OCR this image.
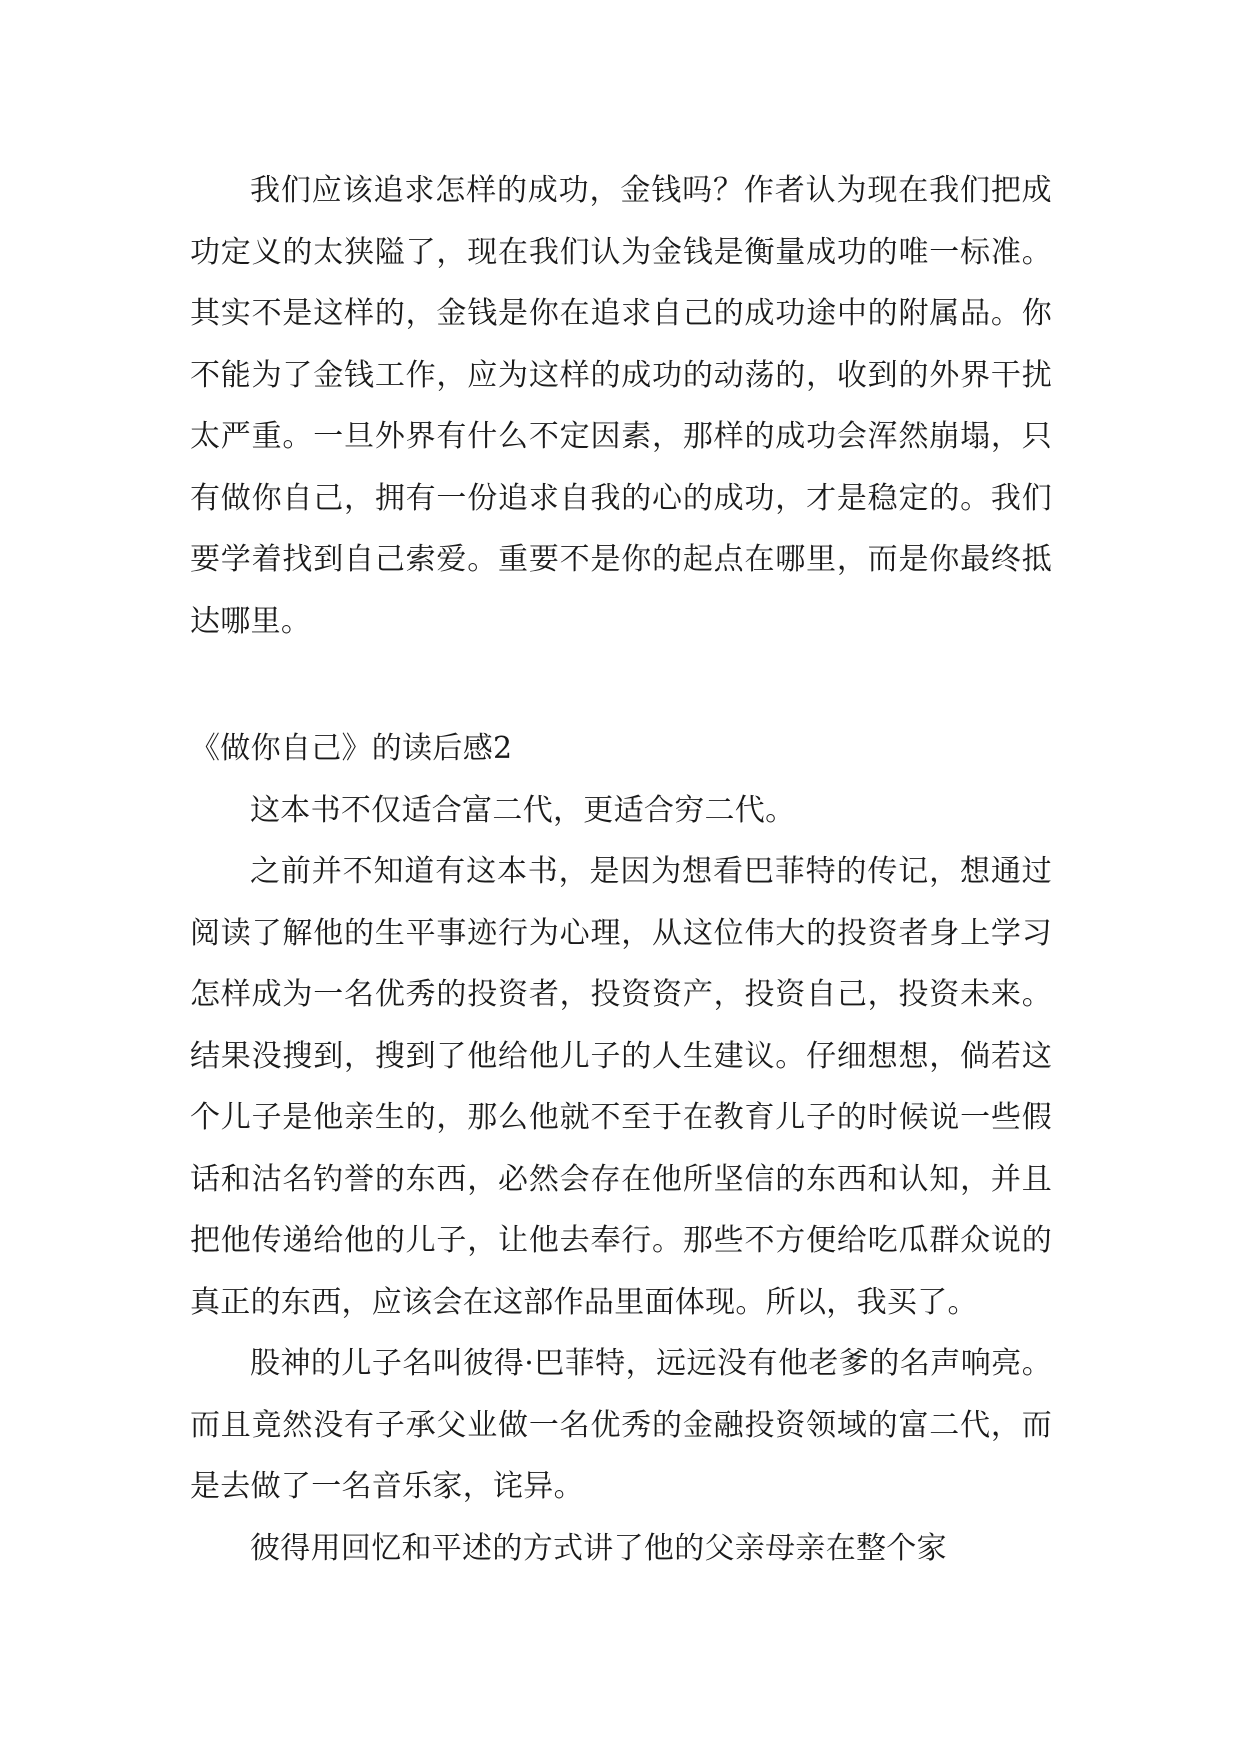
我们应该追求怎样的成功，金钱吗？作者认为现在我们把成功定义的太狭隘了，现在我们认为金钱是衡量成功的唯一标准。其实不是这样的，金钱是你在追求自己的成功途中的附属品。你不能为了金钱工作，应为这样的成功的动荡的，收到的外界干扰太严重。一旦外界有什么不定因素，那样的成功会浑然崩塌，只有做你自己，拥有一份追求自我的心的成功，才是稳定的。我们要学着找到自己索爱。重要不是你的起点在哪里，而是你最终抵达哪里。

《做你自己》的读后感2

这本书不仅适合富二代，更适合穷二代。

之前并不知道有这本书，是因为想看巴菲特的传记，想通过阅读了解他的生平事迹行为心理，从这位伟大的投资者身上学习怎样成为一名优秀的投资者，投资资产，投资自己，投资未来。结果没搜到，搜到了他给他儿子的人生建议。仔细想想，倘若这个儿子是他亲生的，那么他就不至于在教育儿子的时候说一些假话和沽名钓誉的东西，必然会存在他所坚信的东西和认知，并且把他传递给他的儿子，让他去奉行。那些不方便给吃瓜群众说的真正的东西，应该会在这部作品里面体现。所以，我买了。

股神的儿子名叫彼得·巴菲特，远远没有他老爹的名声响亮。而且竟然没有子承父业做一名优秀的金融投资领域的富二代，而是去做了一名音乐家，诧异。

彼得用回忆和平述的方式讲了他的父亲母亲在整个家
